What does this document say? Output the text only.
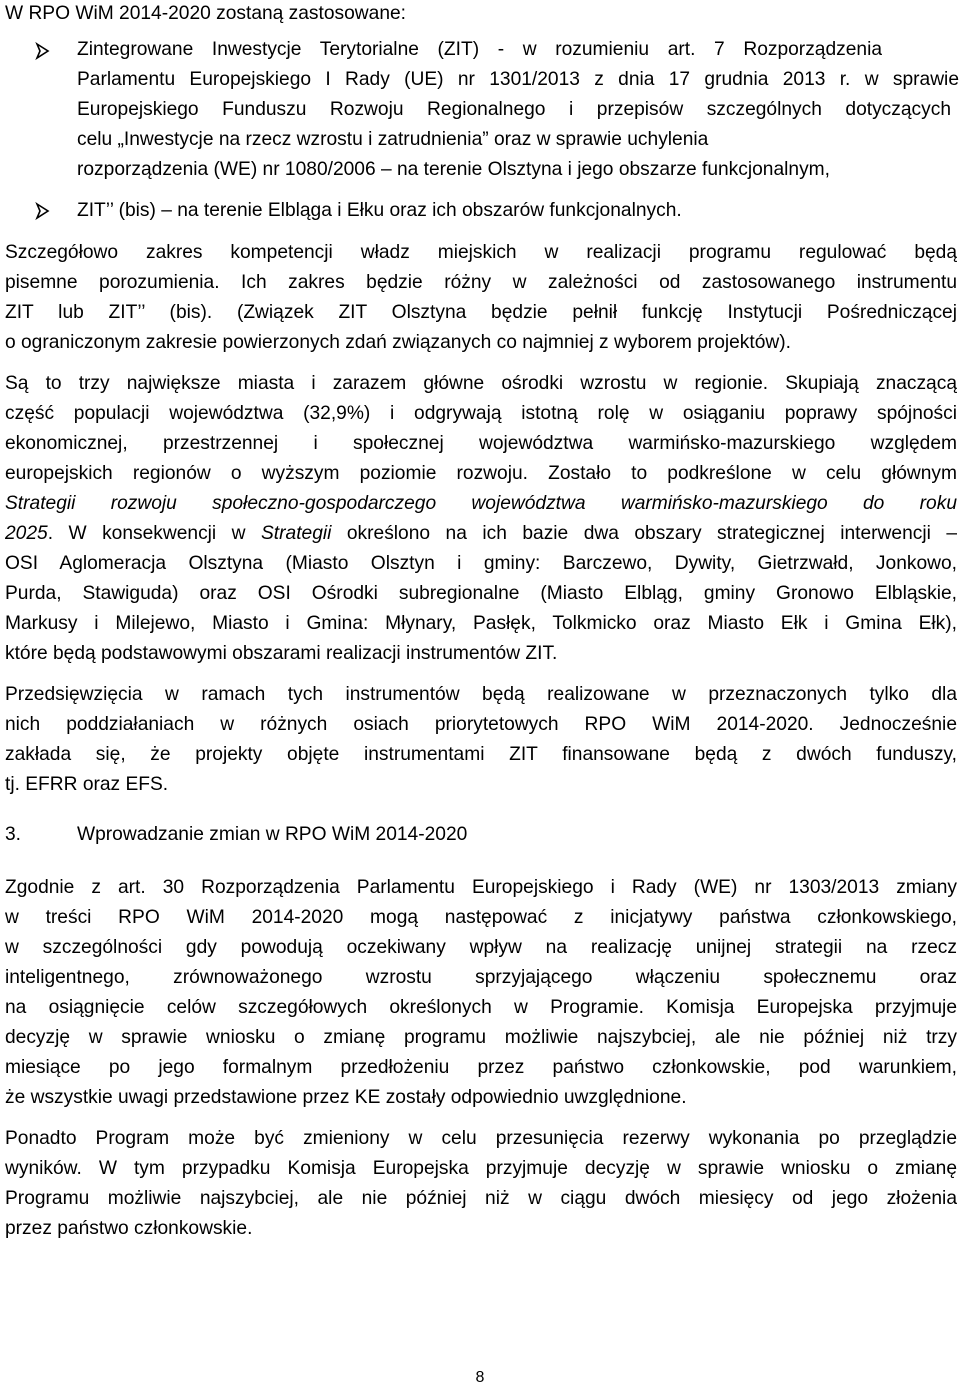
W RPO WiM 2014-2020 zostaną zastosowane:
Zintegrowane Inwestycje Terytorialne (ZIT) - w rozumieniu art. 7 Rozporządzenia
Parlamentu Europejskiego I Rady (UE) nr 1301/2013 z dnia 17 grudnia 2013 r. w sprawie
Europejskiego Funduszu Rozwoju Regionalnego i przepisów szczególnych dotyczących
celu „Inwestycje na rzecz wzrostu i zatrudnienia” oraz w sprawie uchylenia
rozporządzenia (WE) nr 1080/2006 – na terenie Olsztyna i jego obszarze funkcjonalnym,
ZIT’’ (bis) – na terenie Elbląga i Ełku oraz ich obszarów funkcjonalnych.
Szczegółowo zakres kompetencji władz miejskich w realizacji programu regulować będą
pisemne porozumienia. Ich zakres będzie różny w zależności od zastosowanego instrumentu
ZIT lub ZIT’’ (bis). (Związek ZIT Olsztyna będzie pełnił funkcję Instytucji Pośredniczącej
o ograniczonym zakresie powierzonych zdań związanych co najmniej z wyborem projektów).
Są to trzy największe miasta i zarazem główne ośrodki wzrostu w regionie. Skupiają znaczącą
część populacji województwa (32,9%) i odgrywają istotną rolę w osiąganiu poprawy spójności
ekonomicznej, przestrzennej i społecznej województwa warmińsko-mazurskiego względem
europejskich regionów o wyższym poziomie rozwoju. Zostało to podkreślone w celu głównym
Strategii rozwoju społeczno-gospodarczego województwa warmińsko-mazurskiego do roku
2025. W konsekwencji w Strategii określono na ich bazie dwa obszary strategicznej interwencji –
OSI Aglomeracja Olsztyna (Miasto Olsztyn i gminy: Barczewo, Dywity, Gietrzwałd, Jonkowo,
Purda, Stawiguda) oraz OSI Ośrodki subregionalne (Miasto Elbląg, gminy Gronowo Elbląskie,
Markusy i Milejewo, Miasto i Gmina: Młynary, Pasłęk, Tolkmicko oraz Miasto Ełk i Gmina Ełk),
które będą podstawowymi obszarami realizacji instrumentów ZIT.
Przedsięwzięcia w ramach tych instrumentów będą realizowane w przeznaczonych tylko dla
nich poddziałaniach w różnych osiach priorytetowych RPO WiM 2014-2020. Jednocześnie
zakłada się, że projekty objęte instrumentami ZIT finansowane będą z dwóch funduszy,
tj. EFRR oraz EFS.
3.	Wprowadzanie zmian w RPO WiM 2014-2020
Zgodnie z art. 30 Rozporządzenia Parlamentu Europejskiego i Rady (WE) nr 1303/2013 zmiany
w treści RPO WiM 2014-2020 mogą następować z inicjatywy państwa członkowskiego,
w szczególności gdy powodują oczekiwany wpływ na realizację unijnej strategii na rzecz
inteligentnego, zrównoważonego wzrostu sprzyjającego włączeniu społecznemu oraz
na osiągnięcie celów szczegółowych określonych w Programie. Komisja Europejska przyjmuje
decyzję w sprawie wniosku o zmianę programu możliwie najszybciej, ale nie później niż trzy
miesiące po jego formalnym przedłożeniu przez państwo członkowskie, pod warunkiem,
że wszystkie uwagi przedstawione przez KE zostały odpowiednio uwzględnione.
Ponadto Program może być zmieniony w celu przesunięcia rezerwy wykonania po przeglądzie
wyników. W tym przypadku Komisja Europejska przyjmuje decyzję w sprawie wniosku o zmianę
Programu możliwie najszybciej, ale nie później niż w ciągu dwóch miesięcy od jego złożenia
przez państwo członkowskie.
8
